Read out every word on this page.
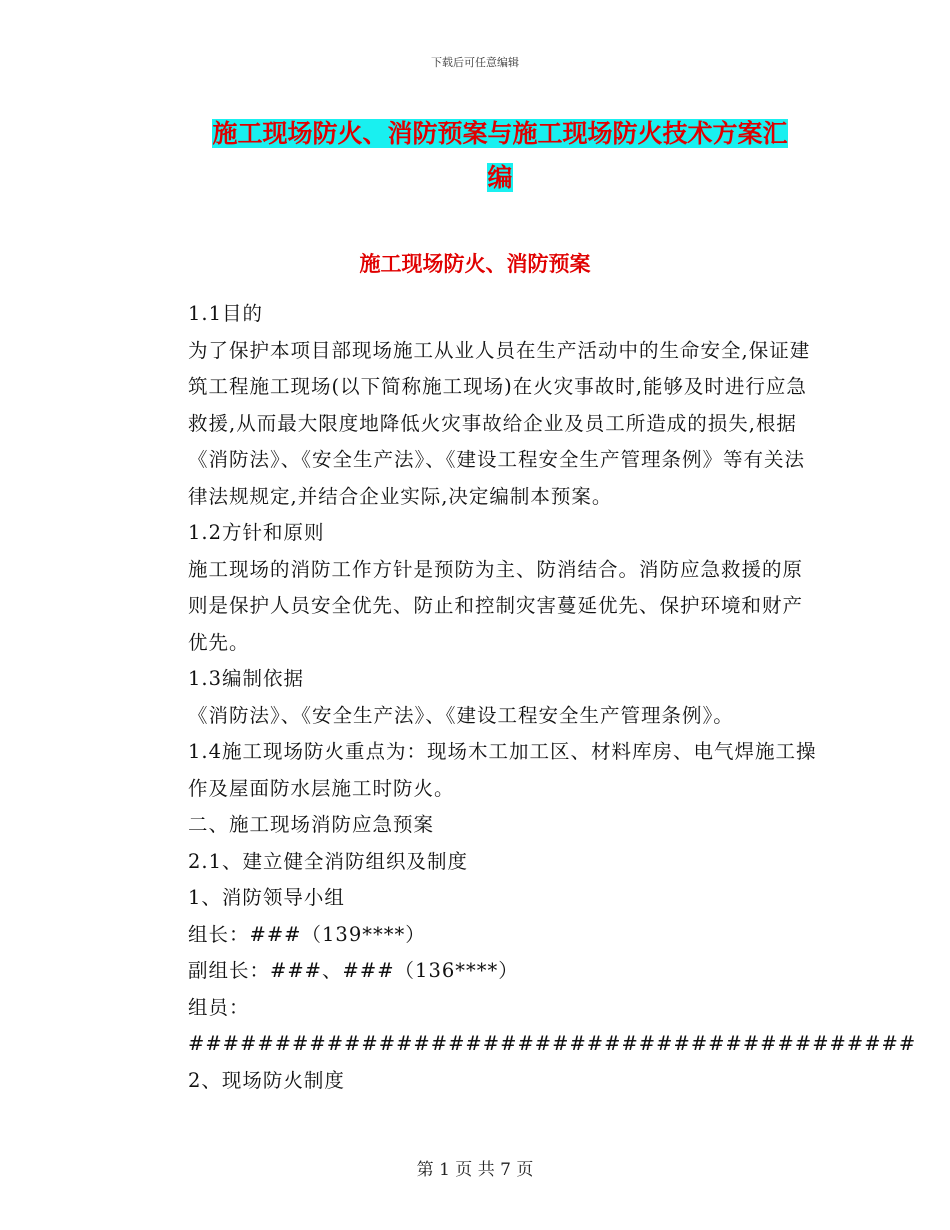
下载后可任意编辑
施工现场防火、消防预案与施工现场防火技术方案汇
编
施工现场防火、消防预案

1.1目的

为了保护本项目部现场施工从业人员在生产活动中的生命安全,保证建筑工程施工现场(以下简称施工现场)在火灾事故时,能够及时进行应急救援,从而最大限度地降低火灾事故给企业及员工所造成的损失,根据《消防法》、《安全生产法》、《建设工程安全生产管理条例》等有关法律法规规定,并结合企业实际,决定编制本预案。

1.2方针和原则

施工现场的消防工作方针是预防为主、防消结合。消防应急救援的原则是保护人员安全优先、防止和控制灾害蔓延优先、保护环境和财产优先。

1.3编制依据

《消防法》、《安全生产法》、《建设工程安全生产管理条例》。

1.4施工现场防火重点为：现场木工加工区、材料库房、电气焊施工操作及屋面防水层施工时防火。

二、施工现场消防应急预案

2.1、建立健全消防组织及制度

1、消防领导小组

组长：###（139****）

副组长：###、###（136****）

组员：##########################################

2、现场防火制度

第 1 页 共 7 页
